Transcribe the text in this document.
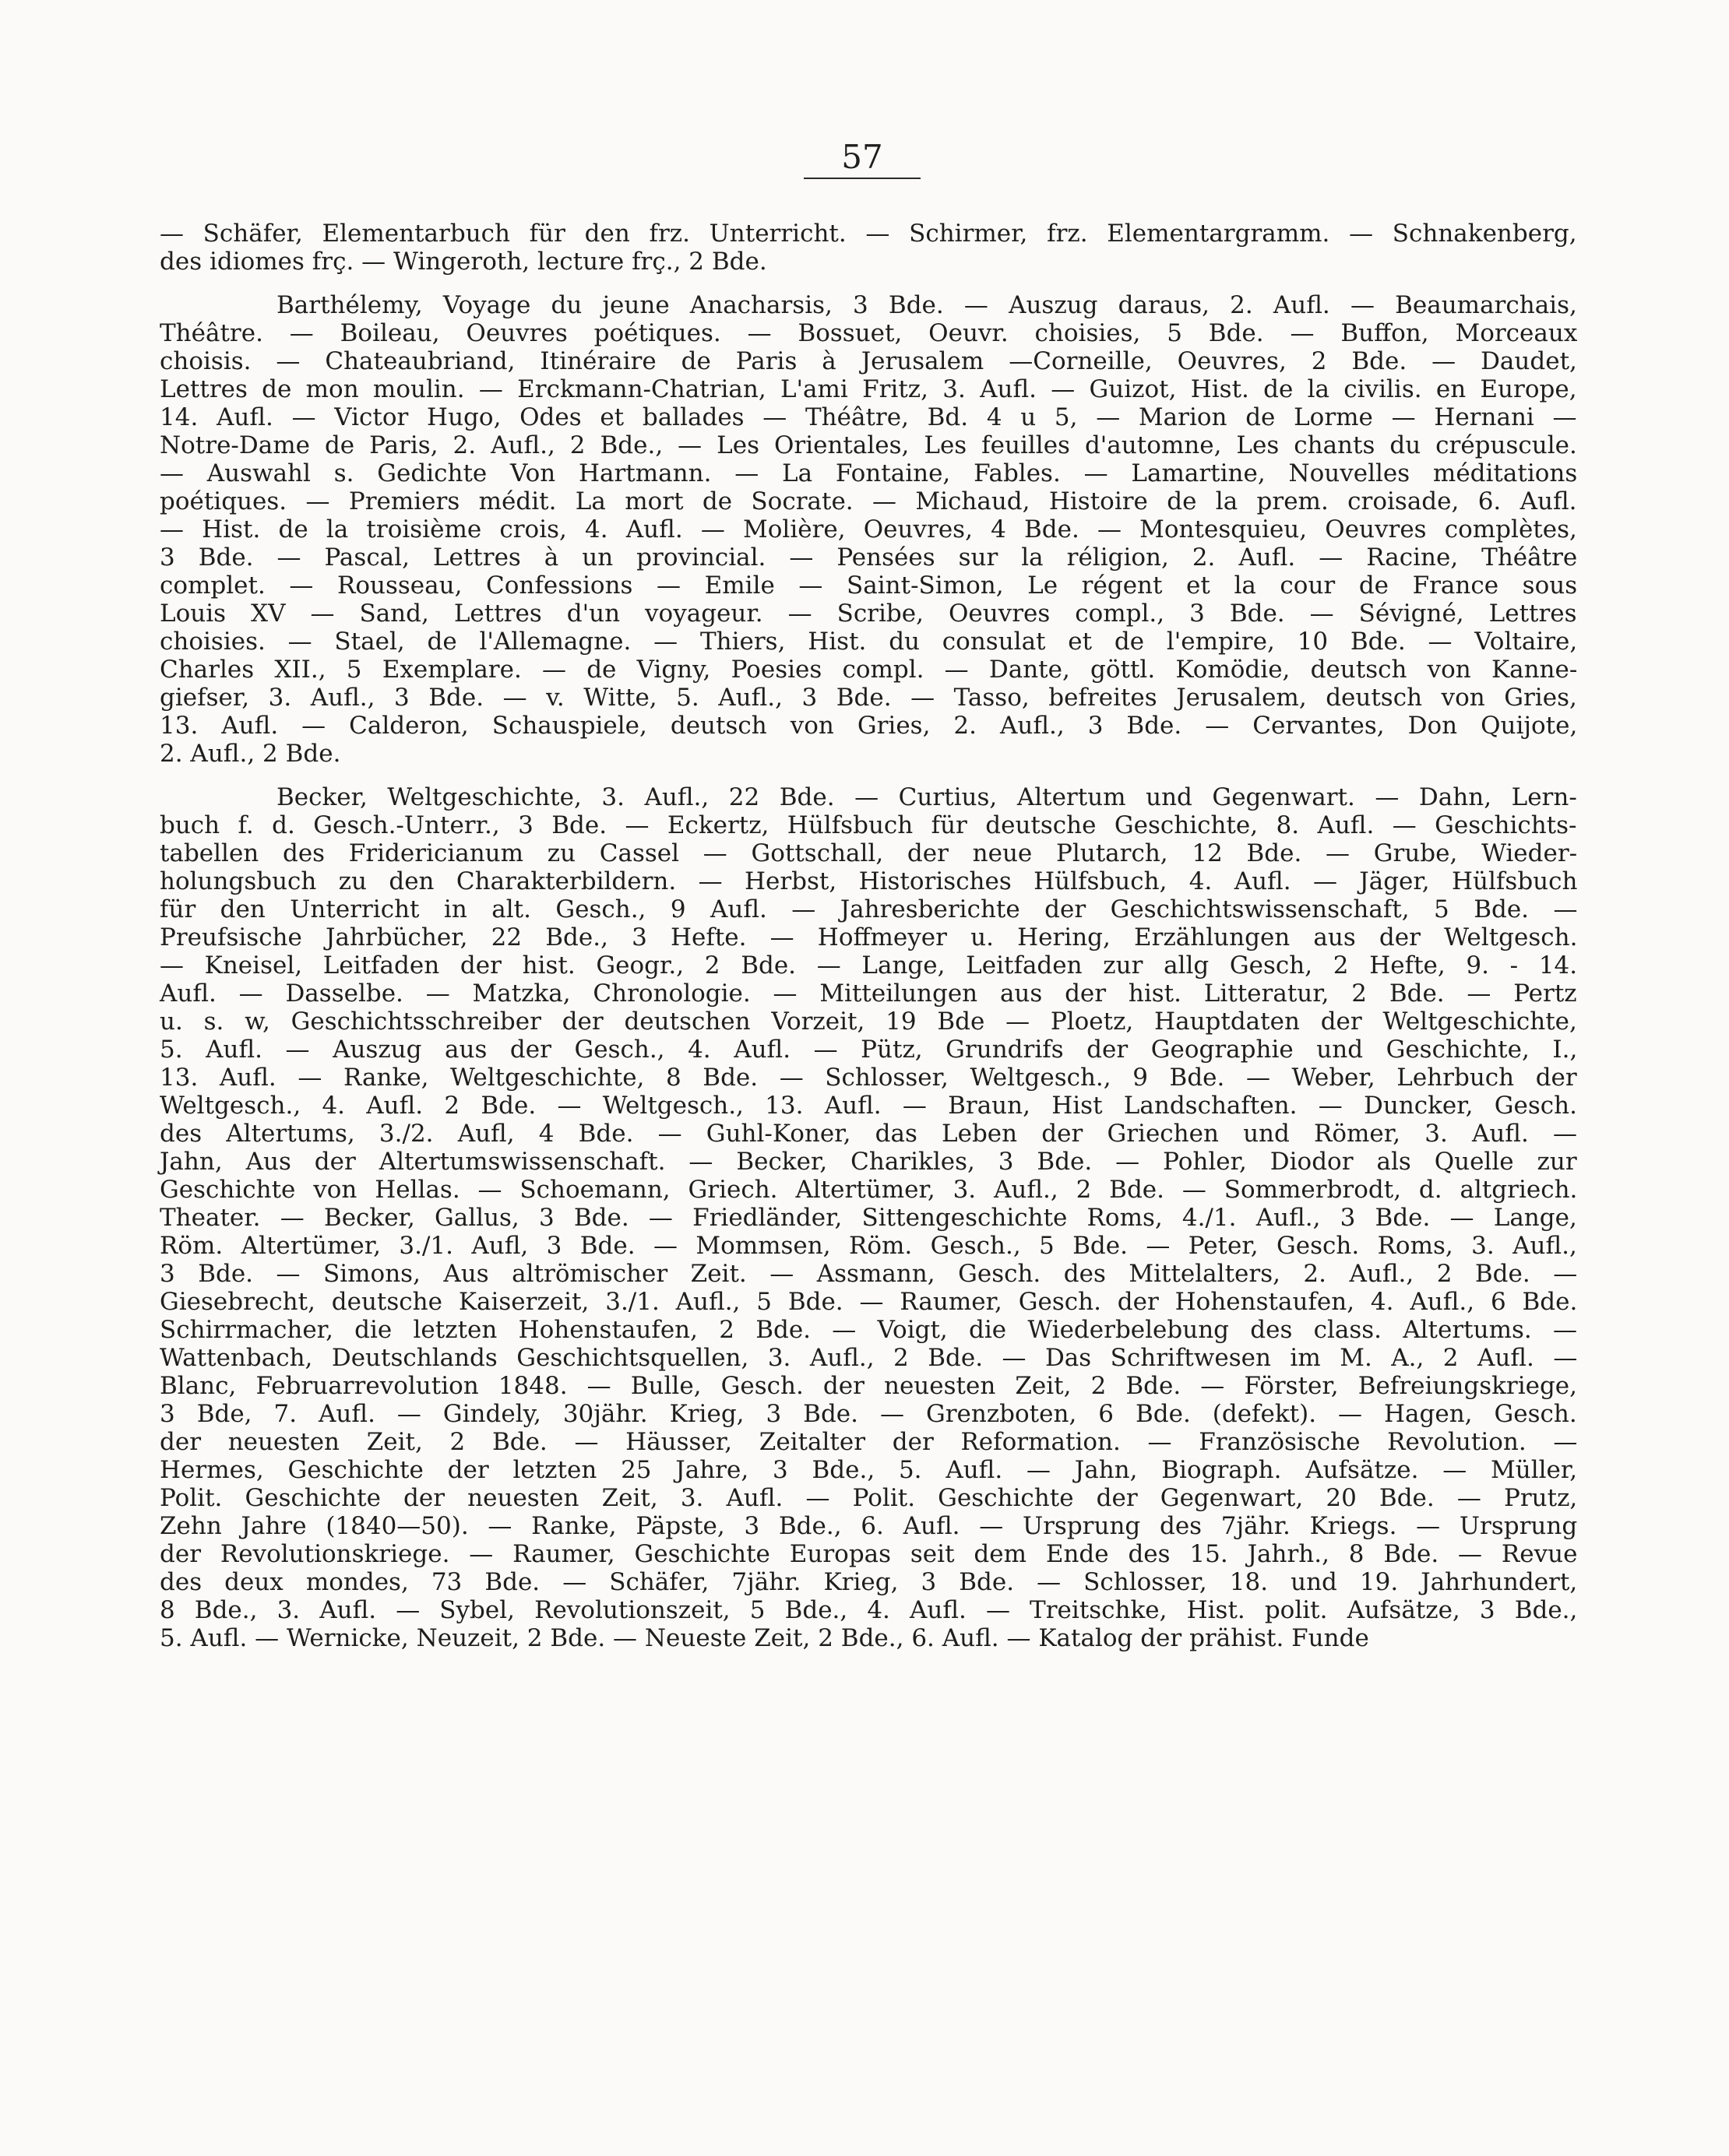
57
— Schäfer, Elementarbuch für den frz. Unterricht. — Schirmer, frz. Elementargramm. — Schnakenberg,
des idiomes frç. — Wingeroth, lecture frç., 2 Bde.
Barthélemy, Voyage du jeune Anacharsis, 3 Bde. — Auszug daraus, 2. Aufl. — Beaumarchais,
Théâtre. — Boileau, Oeuvres poétiques. — Bossuet, Oeuvr. choisies, 5 Bde. — Buffon, Morceaux
choisis. — Chateaubriand, Itinéraire de Paris à Jerusalem —Corneille, Oeuvres, 2 Bde. — Daudet,
Lettres de mon moulin. — Erckmann-Chatrian, L'ami Fritz, 3. Aufl. — Guizot, Hist. de la civilis. en Europe,
14. Aufl. — Victor Hugo, Odes et ballades — Théâtre, Bd. 4 u 5, — Marion de Lorme — Hernani —
Notre-Dame de Paris, 2. Aufl., 2 Bde., — Les Orientales, Les feuilles d'automne, Les chants du crépuscule.
— Auswahl s. Gedichte Von Hartmann. — La Fontaine, Fables. — Lamartine, Nouvelles méditations
poétiques. — Premiers médit. La mort de Socrate. — Michaud, Histoire de la prem. croisade, 6. Aufl.
— Hist. de la troisième crois, 4. Aufl. — Molière, Oeuvres, 4 Bde. — Montesquieu, Oeuvres complètes,
3 Bde. — Pascal, Lettres à un provincial. — Pensées sur la réligion, 2. Aufl. — Racine, Théâtre
complet. — Rousseau, Confessions — Emile — Saint-Simon, Le régent et la cour de France sous
Louis XV — Sand, Lettres d'un voyageur. — Scribe, Oeuvres compl., 3 Bde. — Sévigné, Lettres
choisies. — Stael, de l'Allemagne. — Thiers, Hist. du consulat et de l'empire, 10 Bde. — Voltaire,
Charles XII., 5 Exemplare. — de Vigny, Poesies compl. — Dante, göttl. Komödie, deutsch von Kanne-
giefser, 3. Aufl., 3 Bde. — v. Witte, 5. Aufl., 3 Bde. — Tasso, befreites Jerusalem, deutsch von Gries,
13. Aufl. — Calderon, Schauspiele, deutsch von Gries, 2. Aufl., 3 Bde. — Cervantes, Don Quijote,
2. Aufl., 2 Bde.
Becker, Weltgeschichte, 3. Aufl., 22 Bde. — Curtius, Altertum und Gegenwart. — Dahn, Lern-
buch f. d. Gesch.-Unterr., 3 Bde. — Eckertz, Hülfsbuch für deutsche Geschichte, 8. Aufl. — Geschichts-
tabellen des Fridericianum zu Cassel — Gottschall, der neue Plutarch, 12 Bde. — Grube, Wieder-
holungsbuch zu den Charakterbildern. — Herbst, Historisches Hülfsbuch, 4. Aufl. — Jäger, Hülfsbuch
für den Unterricht in alt. Gesch., 9 Aufl. — Jahresberichte der Geschichtswissenschaft, 5 Bde. —
Preufsische Jahrbücher, 22 Bde., 3 Hefte. — Hoffmeyer u. Hering, Erzählungen aus der Weltgesch.
— Kneisel, Leitfaden der hist. Geogr., 2 Bde. — Lange, Leitfaden zur allg Gesch, 2 Hefte, 9. - 14.
Aufl. — Dasselbe. — Matzka, Chronologie. — Mitteilungen aus der hist. Litteratur, 2 Bde. — Pertz
u. s. w, Geschichtsschreiber der deutschen Vorzeit, 19 Bde — Ploetz, Hauptdaten der Weltgeschichte,
5. Aufl. — Auszug aus der Gesch., 4. Aufl. — Pütz, Grundrifs der Geographie und Geschichte, I.,
13. Aufl. — Ranke, Weltgeschichte, 8 Bde. — Schlosser, Weltgesch., 9 Bde. — Weber, Lehrbuch der
Weltgesch., 4. Aufl. 2 Bde. — Weltgesch., 13. Aufl. — Braun, Hist Landschaften. — Duncker, Gesch.
des Altertums, 3./2. Aufl, 4 Bde. — Guhl-Koner, das Leben der Griechen und Römer, 3. Aufl. —
Jahn, Aus der Altertumswissenschaft. — Becker, Charikles, 3 Bde. — Pohler, Diodor als Quelle zur
Geschichte von Hellas. — Schoemann, Griech. Altertümer, 3. Aufl., 2 Bde. — Sommerbrodt, d. altgriech.
Theater. — Becker, Gallus, 3 Bde. — Friedländer, Sittengeschichte Roms, 4./1. Aufl., 3 Bde. — Lange,
Röm. Altertümer, 3./1. Aufl, 3 Bde. — Mommsen, Röm. Gesch., 5 Bde. — Peter, Gesch. Roms, 3. Aufl.,
3 Bde. — Simons, Aus altrömischer Zeit. — Assmann, Gesch. des Mittelalters, 2. Aufl., 2 Bde. —
Giesebrecht, deutsche Kaiserzeit, 3./1. Aufl., 5 Bde. — Raumer, Gesch. der Hohenstaufen, 4. Aufl., 6 Bde.
Schirrmacher, die letzten Hohenstaufen, 2 Bde. — Voigt, die Wiederbelebung des class. Altertums. —
Wattenbach, Deutschlands Geschichtsquellen, 3. Aufl., 2 Bde. — Das Schriftwesen im M. A., 2 Aufl. —
Blanc, Februarrevolution 1848. — Bulle, Gesch. der neuesten Zeit, 2 Bde. — Förster, Befreiungskriege,
3 Bde, 7. Aufl. — Gindely, 30jähr. Krieg, 3 Bde. — Grenzboten, 6 Bde. (defekt). — Hagen, Gesch.
der neuesten Zeit, 2 Bde. — Häusser, Zeitalter der Reformation. — Französische Revolution. —
Hermes, Geschichte der letzten 25 Jahre, 3 Bde., 5. Aufl. — Jahn, Biograph. Aufsätze. — Müller,
Polit. Geschichte der neuesten Zeit, 3. Aufl. — Polit. Geschichte der Gegenwart, 20 Bde. — Prutz,
Zehn Jahre (1840—50). — Ranke, Päpste, 3 Bde., 6. Aufl. — Ursprung des 7jähr. Kriegs. — Ursprung
der Revolutionskriege. — Raumer, Geschichte Europas seit dem Ende des 15. Jahrh., 8 Bde. — Revue
des deux mondes, 73 Bde. — Schäfer, 7jähr. Krieg, 3 Bde. — Schlosser, 18. und 19. Jahrhundert,
8 Bde., 3. Aufl. — Sybel, Revolutionszeit, 5 Bde., 4. Aufl. — Treitschke, Hist. polit. Aufsätze, 3 Bde.,
5. Aufl. — Wernicke, Neuzeit, 2 Bde. — Neueste Zeit, 2 Bde., 6. Aufl. — Katalog der prähist. Funde
